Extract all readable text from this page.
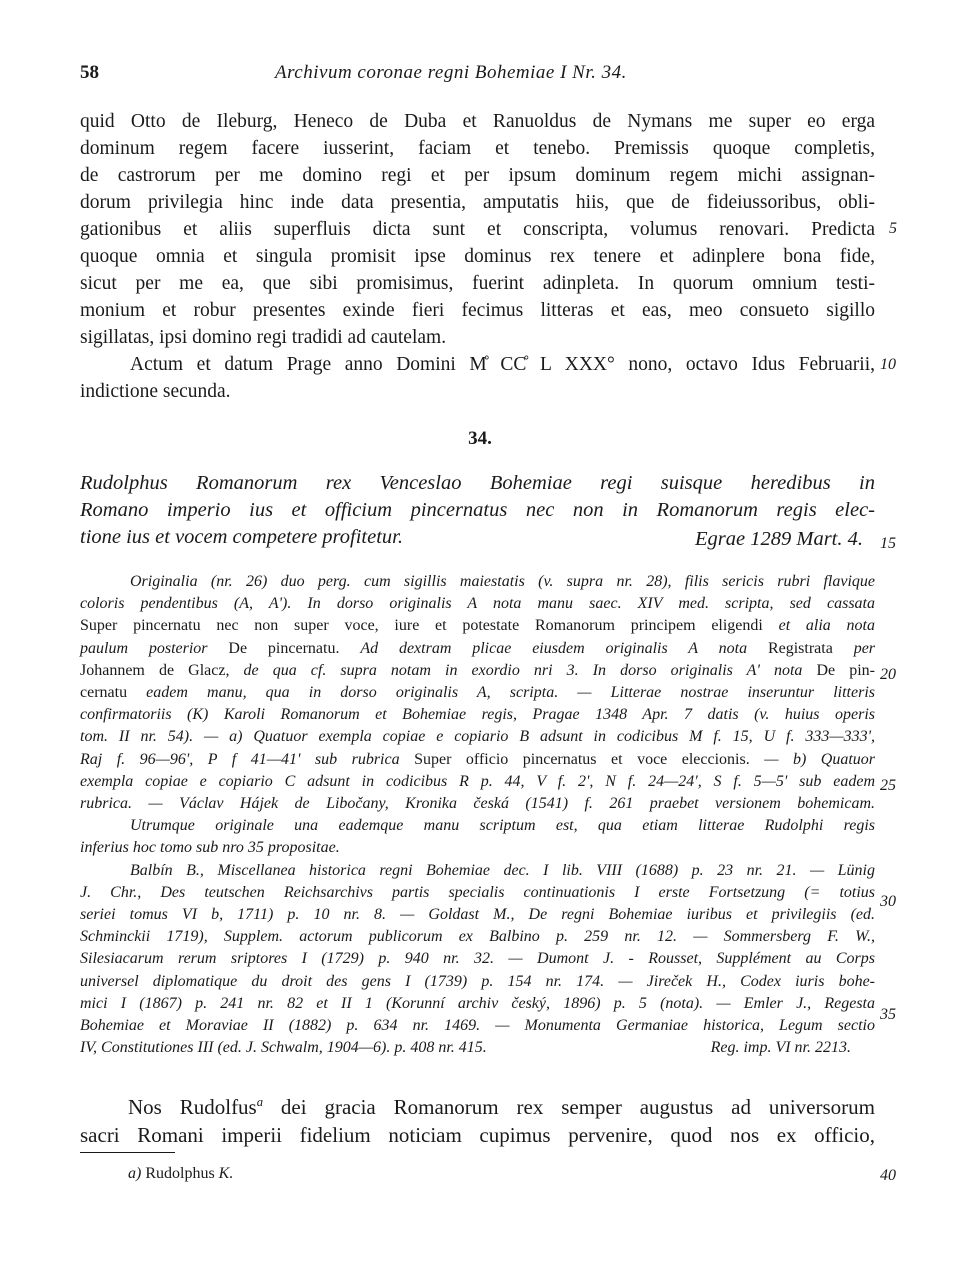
58	Archivum coronae regni Bohemiae I Nr. 34.
quid Otto de Ileburg, Heneco de Duba et Ranuoldus de Nymans me super eo erga
dominum regem facere iusserint, faciam et tenebo. Premissis quoque completis,
de castrorum per me domino regi et per ipsum dominum regem michi assignan-
dorum privilegia hinc inde data presentia, amputatis hiis, que de fideiussoribus, obli-
gationibus et aliis superfluis dicta sunt et conscripta, volumus renovari. Predicta
quoque omnia et singula promisit ipse dominus rex tenere et adinplere bona fide,
sicut per me ea, que sibi promisimus, fuerint adinpleta. In quorum omnium testi-
monium et robur presentes exinde fieri fecimus litteras et eas, meo consueto sigillo
sigillatas, ipsi domino regi tradidi ad cautelam.
Actum et datum Prage anno Domini M̊ CC̊ L XXX° nono, octavo Idus Februarii,
indictione secunda.
5
10
34.
Rudolphus Romanorum rex Venceslao Bohemiae regi suisque heredibus in
Romano imperio ius et officium pincernatus nec non in Romanorum regis elec-
tione ius et vocem competere profitetur.	Egrae 1289 Mart. 4. 15
Originalia (nr. 26) duo perg. cum sigillis maiestatis (v. supra nr. 28), filis sericis rubri flavique
coloris pendentibus (A, A'). In dorso originalis A nota manu saec. XIV med. scripta, sed cassata
Super pincernatu nec non super voce, iure et potestate Romanorum principem eligendi et alia nota
paulum posterior De pincernatu. Ad dextram plicae eiusdem originalis A nota Registrata per
Johannem de Glacz, de qua cf. supra notam in exordio nri 3. In dorso originalis A' nota De pin-
cernatu eadem manu, qua in dorso originalis A, scripta. — Litterae nostrae inseruntur litteris
confirmatoriis (K) Karoli Romanorum et Bohemiae regis, Pragae 1348 Apr. 7 datis (v. huius operis
tom. II nr. 54). — a) Quatuor exempla copiae e copiario B adsunt in codicibus M f. 15, U f. 333—333',
Raj f. 96—96', P f 41—41' sub rubrica Super officio pincernatus et voce eleccionis. — b) Quatuor
exempla copiae e copiario C adsunt in codicibus R p. 44, V f. 2', N f. 24—24', S f. 5—5' sub eadem
rubrica. — Václav Hájek de Libočany, Kronika česká (1541) f. 261 praebet versionem bohemicam.
Utrumque originale una eademque manu scriptum est, qua etiam litterae Rudolphi regis
inferius hoc tomo sub nro 35 propositae.
Balbín B., Miscellanea historica regni Bohemiae dec. I lib. VIII (1688) p. 23 nr. 21. — Lünig
J. Chr., Des teutschen Reichsarchivs partis specialis continuationis I erste Fortsetzung (= totius
seriei tomus VI b, 1711) p. 10 nr. 8. — Goldast M., De regni Bohemiae iuribus et privilegiis (ed.
Schminckii 1719), Supplem. actorum publicorum ex Balbino p. 259 nr. 12. — Sommersberg F. W.,
Silesiacarum rerum sriptores I (1729) p. 940 nr. 32. — Dumont J. - Rousset, Supplément au Corps
universel diplomatique du droit des gens I (1739) p. 154 nr. 174. — Jireček H., Codex iuris bohe-
mici I (1867) p. 241 nr. 82 et II 1 (Korunní archiv český, 1896) p. 5 (nota). — Emler J., Regesta
Bohemiae et Moraviae II (1882) p. 634 nr. 1469. — Monumenta Germaniae historica, Legum sectio
IV, Constitutiones III (ed. J. Schwalm, 1904—6). p. 408 nr. 415.	Reg. imp. VI nr. 2213.
20
25
30
35
Nos Rudolfus$^a$ dei gracia Romanorum rex semper augustus ad universorum
sacri Romani imperii fidelium noticiam cupimus pervenire, quod nos ex officio,
a) Rudolphus K.	40
